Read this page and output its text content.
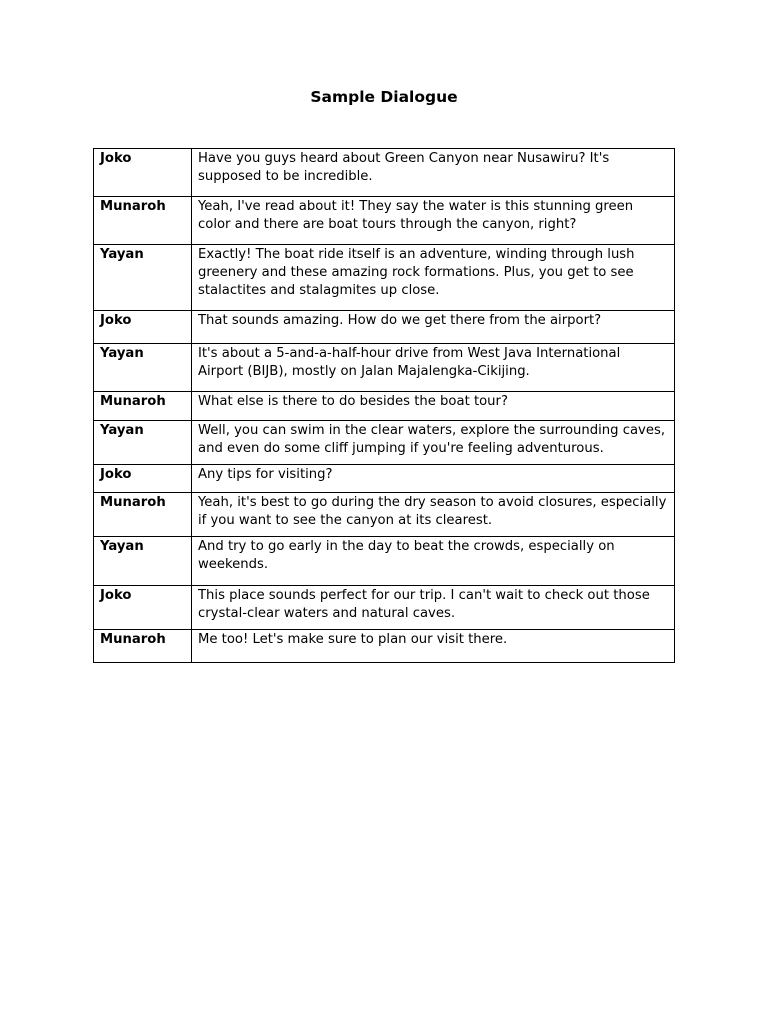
Sample Dialogue
Joko	Have you guys heard about Green Canyon near Nusawiru? It's supposed to be incredible.
Munaroh	Yeah, I've read about it! They say the water is this stunning green color and there are boat tours through the canyon, right?
Yayan	Exactly! The boat ride itself is an adventure, winding through lush greenery and these amazing rock formations. Plus, you get to see stalactites and stalagmites up close.
Joko	That sounds amazing. How do we get there from the airport?
Yayan	It's about a 5-and-a-half-hour drive from West Java International Airport (BIJB), mostly on Jalan Majalengka-Cikijing.
Munaroh	What else is there to do besides the boat tour?
Yayan	Well, you can swim in the clear waters, explore the surrounding caves, and even do some cliff jumping if you're feeling adventurous.
Joko	Any tips for visiting?
Munaroh	Yeah, it's best to go during the dry season to avoid closures, especially if you want to see the canyon at its clearest.
Yayan	And try to go early in the day to beat the crowds, especially on weekends.
Joko	This place sounds perfect for our trip. I can't wait to check out those crystal-clear waters and natural caves.
Munaroh	Me too! Let's make sure to plan our visit there.
